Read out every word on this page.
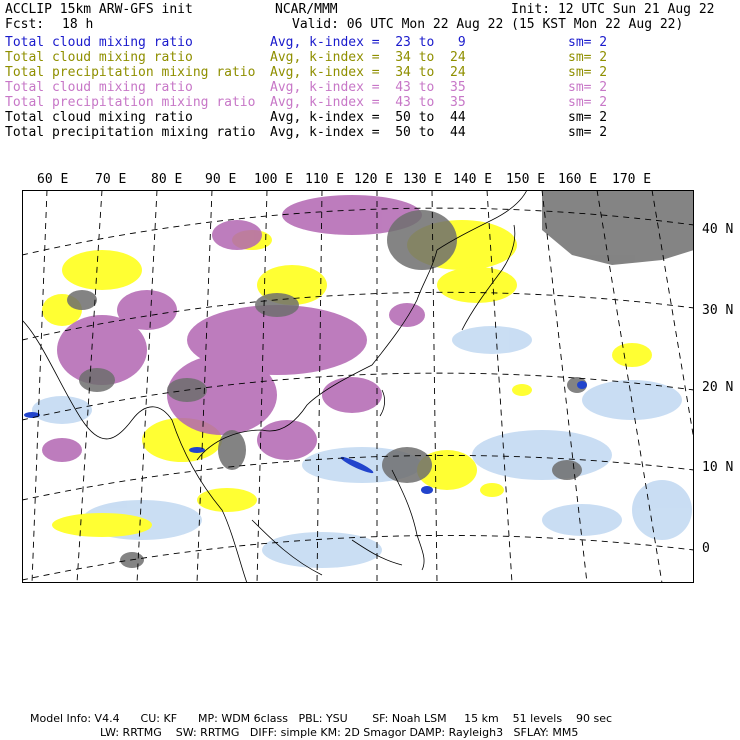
ACCLIP 15km ARW-GFS init	NCAR/MMM	Init: 12 UTC Sun 21 Aug 22
Fcst: 18 h	Valid: 06 UTC Mon 22 Aug 22 (15 KST Mon 22 Aug 22)
Total cloud mixing ratio	Avg, k-index =  23 to   9	sm= 2
Total cloud mixing ratio	Avg, k-index =  34 to  24	sm= 2
Total precipitation mixing ratio Avg, k-index =  34 to  24	sm= 2
Total cloud mixing ratio	Avg, k-index =  43 to  35	sm= 2
Total precipitation mixing ratio Avg, k-index =  43 to  35	sm= 2
Total cloud mixing ratio	Avg, k-index =  50 to  44	sm= 2
Total precipitation mixing ratio Avg, k-index =  50 to  44	sm= 2
60 E 70 E 80 E 90 E 100 E 110 E 120 E 130 E 140 E 150 E 160 E 170 E
40 N
30 N
20 N
10 N
0
Model Info: V4.4      CU: KF      MP: WDM 6class   PBL: YSU       SF: Noah LSM     15 km    51 levels    90 sec
LW: RRTMG    SW: RRTMG   DIFF: simple KM: 2D Smagor DAMP: Rayleigh3   SFLAY: MM5
